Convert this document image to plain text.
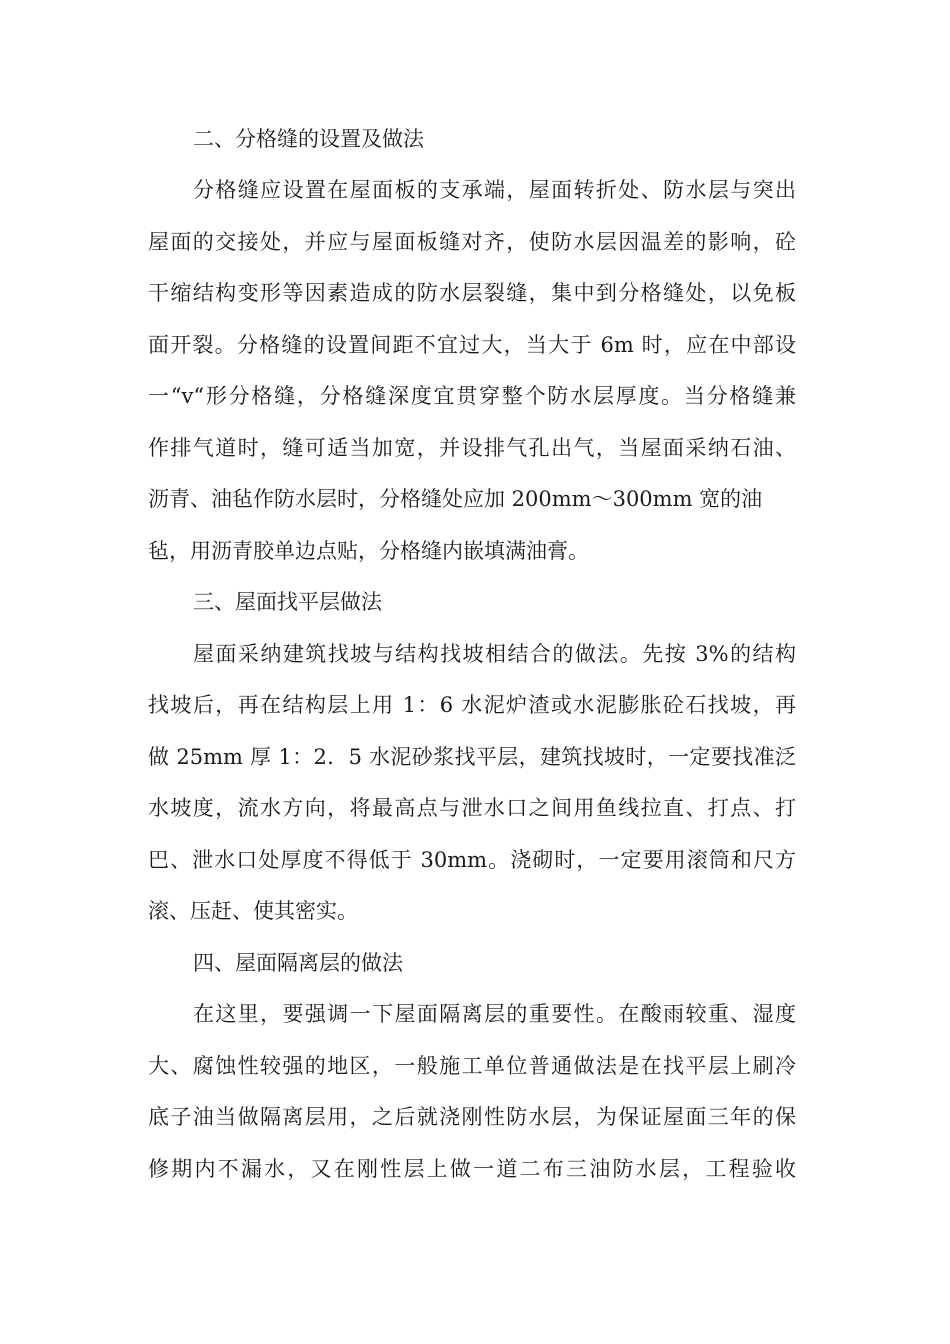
二、分格缝的设置及做法
分格缝应设置在屋面板的支承端，屋面转折处、防水层与突出
屋面的交接处，并应与屋面板缝对齐，使防水层因温差的影响，砼
干缩结构变形等因素造成的防水层裂缝，集中到分格缝处，以免板
面开裂。分格缝的设置间距不宜过大，当大于 6m 时，应在中部设
一“v“形分格缝，分格缝深度宜贯穿整个防水层厚度。当分格缝兼
作排气道时，缝可适当加宽，并设排气孔出气，当屋面采纳石油、
沥青、油毡作防水层时，分格缝处应加 200mm～300mm 宽的油
毡，用沥青胶单边点贴，分格缝内嵌填满油膏。
三、屋面找平层做法
屋面采纳建筑找坡与结构找坡相结合的做法。先按 3%的结构
找坡后，再在结构层上用 1：6 水泥炉渣或水泥膨胀砼石找坡，再
做 25mm 厚 1：2．5 水泥砂浆找平层，建筑找坡时，一定要找准泛
水坡度，流水方向，将最高点与泄水口之间用鱼线拉直、打点、打
巴、泄水口处厚度不得低于 30mm。浇砌时，一定要用滚筒和尺方
滚、压赶、使其密实。
四、屋面隔离层的做法
在这里，要强调一下屋面隔离层的重要性。在酸雨较重、湿度
大、腐蚀性较强的地区，一般施工单位普通做法是在找平层上刷冷
底子油当做隔离层用，之后就浇刚性防水层，为保证屋面三年的保
修期内不漏水，又在刚性层上做一道二布三油防水层，工程验收
